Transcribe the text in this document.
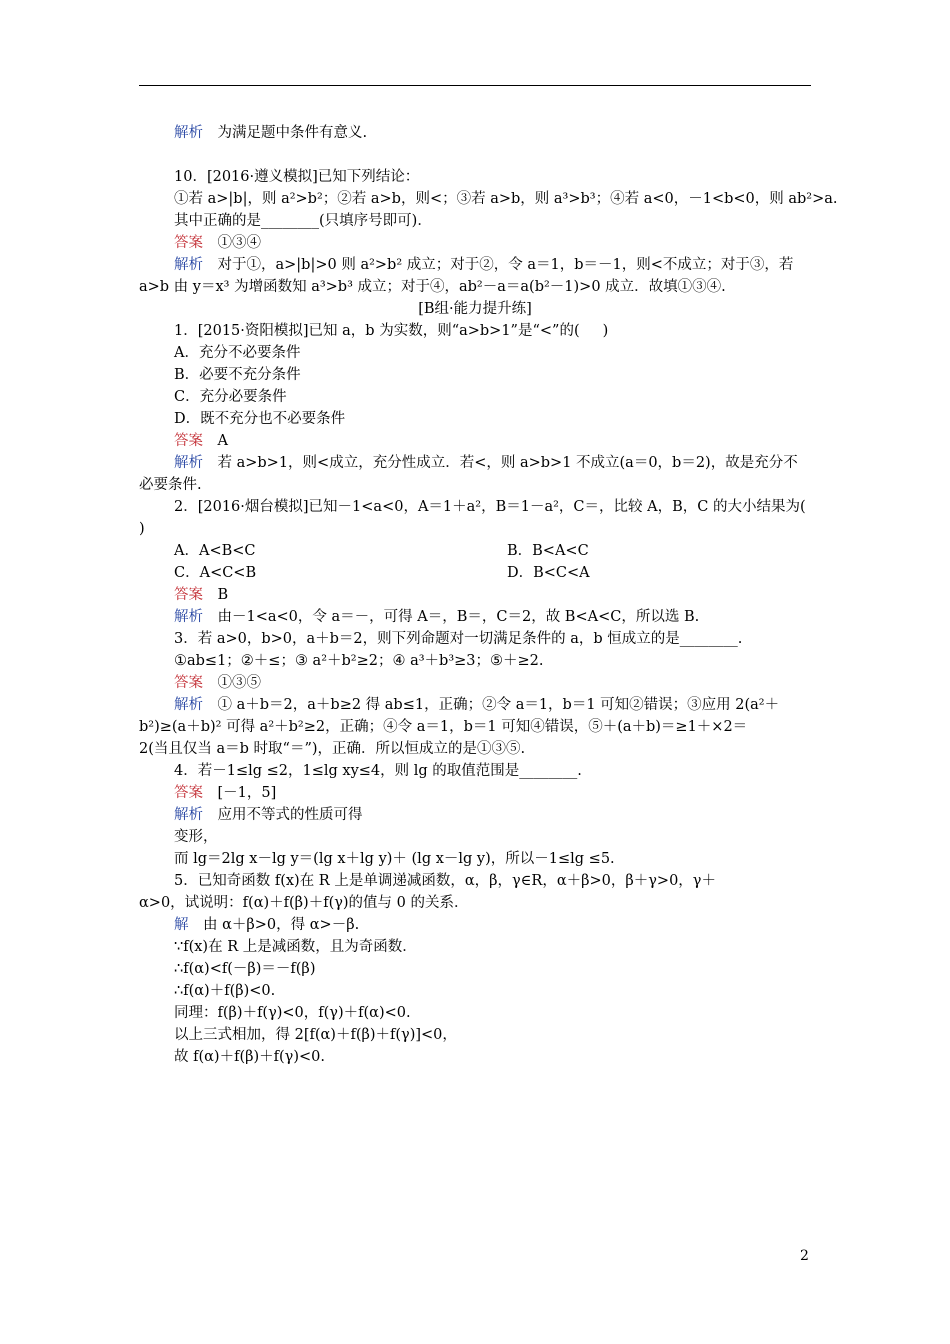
解析　 为满足题中条件有意义.

10．[2016·遵义模拟]已知下列结论：

①若 a>|b|，则 a²>b²；②若 a>b，则<；③若 a>b，则 a³>b³；④若 a<0，－1<b<0，则 ab²>a.

其中正确的是________(只填序号即可)．

答案　 ①③④

解析　 对于①，a>|b|>0 则 a²>b² 成立；对于②，令 a＝1，b＝－1，则<不成立；对于③，若

a>b 由 y＝x³ 为增函数知 a³>b³ 成立；对于④，ab²－a＝a(b²－1)>0 成立．故填①③④.

[B组·能力提升练]

1．[2015·资阳模拟]已知 a，b 为实数，则“a>b>1”是“<”的(     )

A．充分不必要条件

B．必要不充分条件

C．充分必要条件

D．既不充分也不必要条件

答案　 A

解析　 若 a>b>1，则<成立，充分性成立．若<，则 a>b>1 不成立(a＝0，b＝2)，故是充分不

必要条件.

2．[2016·烟台模拟]已知－1<a<0，A＝1＋a²，B＝1－a²，C＝，比较 A，B，C 的大小结果为(

)

A．A<B<C	B．B<A<C

C．A<C<B	D．B<C<A

答案　 B

解析　 由－1<a<0，令 a＝－，可得 A＝，B＝，C＝2，故 B<A<C，所以选 B.

3．若 a>0，b>0，a＋b＝2，则下列命题对一切满足条件的 a，b 恒成立的是________.

①ab≤1；②＋≤；③ a²＋b²≥2；④ a³＋b³≥3；⑤＋≥2.

答案　 ①③⑤

解析　 ① a＋b＝2，a＋b≥2 得 ab≤1，正确；②令 a＝1，b＝1 可知②错误；③应用 2(a²＋

b²)≥(a＋b)² 可得 a²＋b²≥2，正确；④令 a＝1，b＝1 可知④错误，⑤＋(a＋b)＝≥1＋×2＝

2(当且仅当 a＝b 时取“＝”)，正确．所以恒成立的是①③⑤.

4．若－1≤lg ≤2，1≤lg xy≤4，则 lg 的取值范围是________.

答案　 [－1，5]

解析　 应用不等式的性质可得

变形，

而 lg＝2lg x－lg y＝(lg x＋lg y)＋ (lg x－lg y)，所以－1≤lg ≤5.

5．已知奇函数 f(x)在 R 上是单调递减函数，α，β，γ∈R，α＋β>0，β＋γ>0，γ＋

α>0，试说明：f(α)＋f(β)＋f(γ)的值与 0 的关系．

解　 由 α＋β>0，得 α>－β.

∵f(x)在 R 上是减函数，且为奇函数．

∴f(α)<f(－β)＝－f(β)

∴f(α)＋f(β)<0.

同理：f(β)＋f(γ)<0，f(γ)＋f(α)<0.

以上三式相加，得 2[f(α)＋f(β)＋f(γ)]<0，

故 f(α)＋f(β)＋f(γ)<0.

2
